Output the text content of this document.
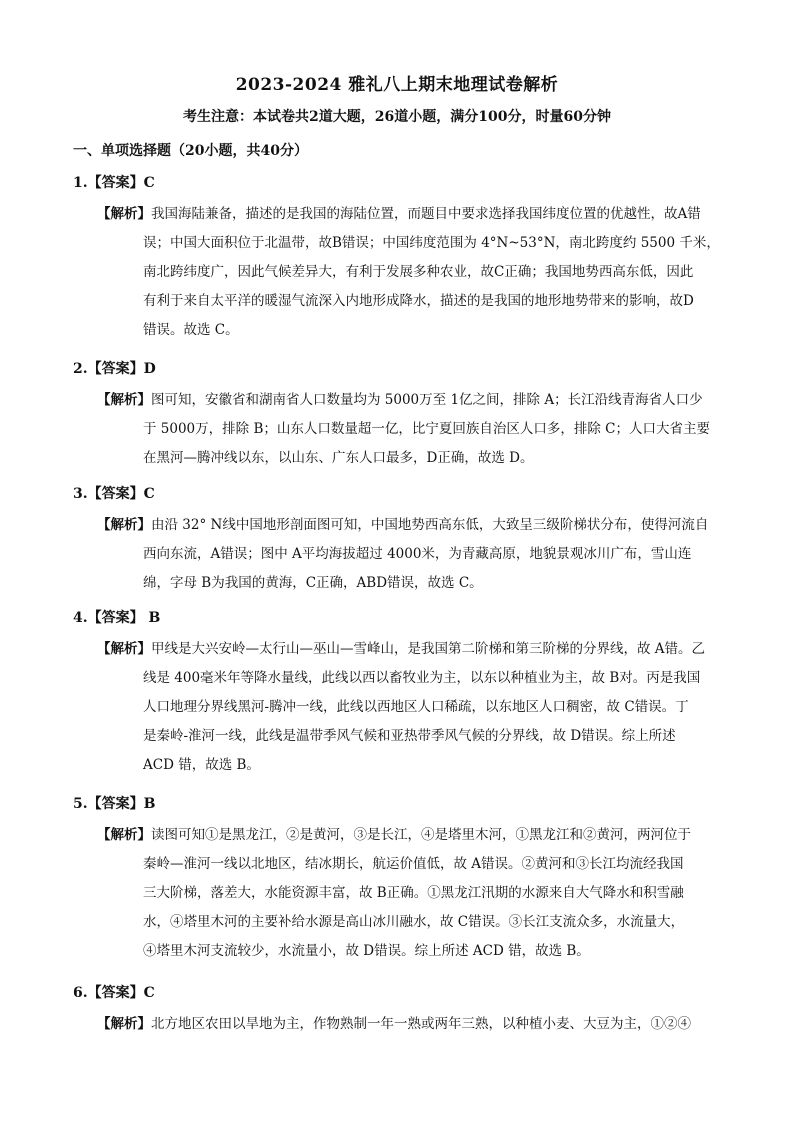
2023-2024 雅礼八上期末地理试卷解析
考生注意：本试卷共2道大题，26道小题，满分100分，时量60分钟
一、单项选择题（20小题，共40分）
1.【答案】C
【解析】我国海陆兼备，描述的是我国的海陆位置，而题目中要求选择我国纬度位置的优越性，故A错
误；中国大面积位于北温带，故B错误；中国纬度范围为 4°N~53°N，南北跨度约 5500 千米，
南北跨纬度广，因此气候差异大，有利于发展多种农业，故C正确；我国地势西高东低，因此
有利于来自太平洋的暖湿气流深入内地形成降水，描述的是我国的地形地势带来的影响，故D
错误。故选 C。
2.【答案】D
【解析】图可知，安徽省和湖南省人口数量均为 5000万至 1亿之间，排除 A；长江沿线青海省人口少
于 5000万，排除 B；山东人口数量超一亿，比宁夏回族自治区人口多，排除 C；人口大省主要
在黑河—腾冲线以东，以山东、广东人口最多，D正确，故选 D。
3.【答案】C
【解析】由沿 32° N线中国地形剖面图可知，中国地势西高东低，大致呈三级阶梯状分布，使得河流自
西向东流，A错误；图中 A平均海拔超过 4000米，为青藏高原，地貌景观冰川广布，雪山连
绵，字母 B为我国的黄海，C正确，ABD错误，故选 C。
4.【答案】 B
【解析】甲线是大兴安岭—太行山—巫山—雪峰山，是我国第二阶梯和第三阶梯的分界线，故 A错。乙
线是 400毫米年等降水量线，此线以西以畜牧业为主，以东以种植业为主，故 B对。丙是我国
人口地理分界线黑河-腾冲一线，此线以西地区人口稀疏，以东地区人口稠密，故 C错误。丁
是秦岭-淮河一线，此线是温带季风气候和亚热带季风气候的分界线，故 D错误。综上所述
ACD 错，故选 B。
5.【答案】B
【解析】读图可知①是黑龙江，②是黄河，③是长江，④是塔里木河，①黑龙江和②黄河，两河位于
秦岭—淮河一线以北地区，结冰期长，航运价值低，故 A错误。②黄河和③长江均流经我国
三大阶梯，落差大，水能资源丰富，故 B正确。①黑龙江汛期的水源来自大气降水和积雪融
水，④塔里木河的主要补给水源是高山冰川融水，故 C错误。③长江支流众多，水流量大，
④塔里木河支流较少，水流量小，故 D错误。综上所述 ACD 错，故选 B。
6.【答案】C
【解析】北方地区农田以旱地为主，作物熟制一年一熟或两年三熟，以种植小麦、大豆为主，①②④
